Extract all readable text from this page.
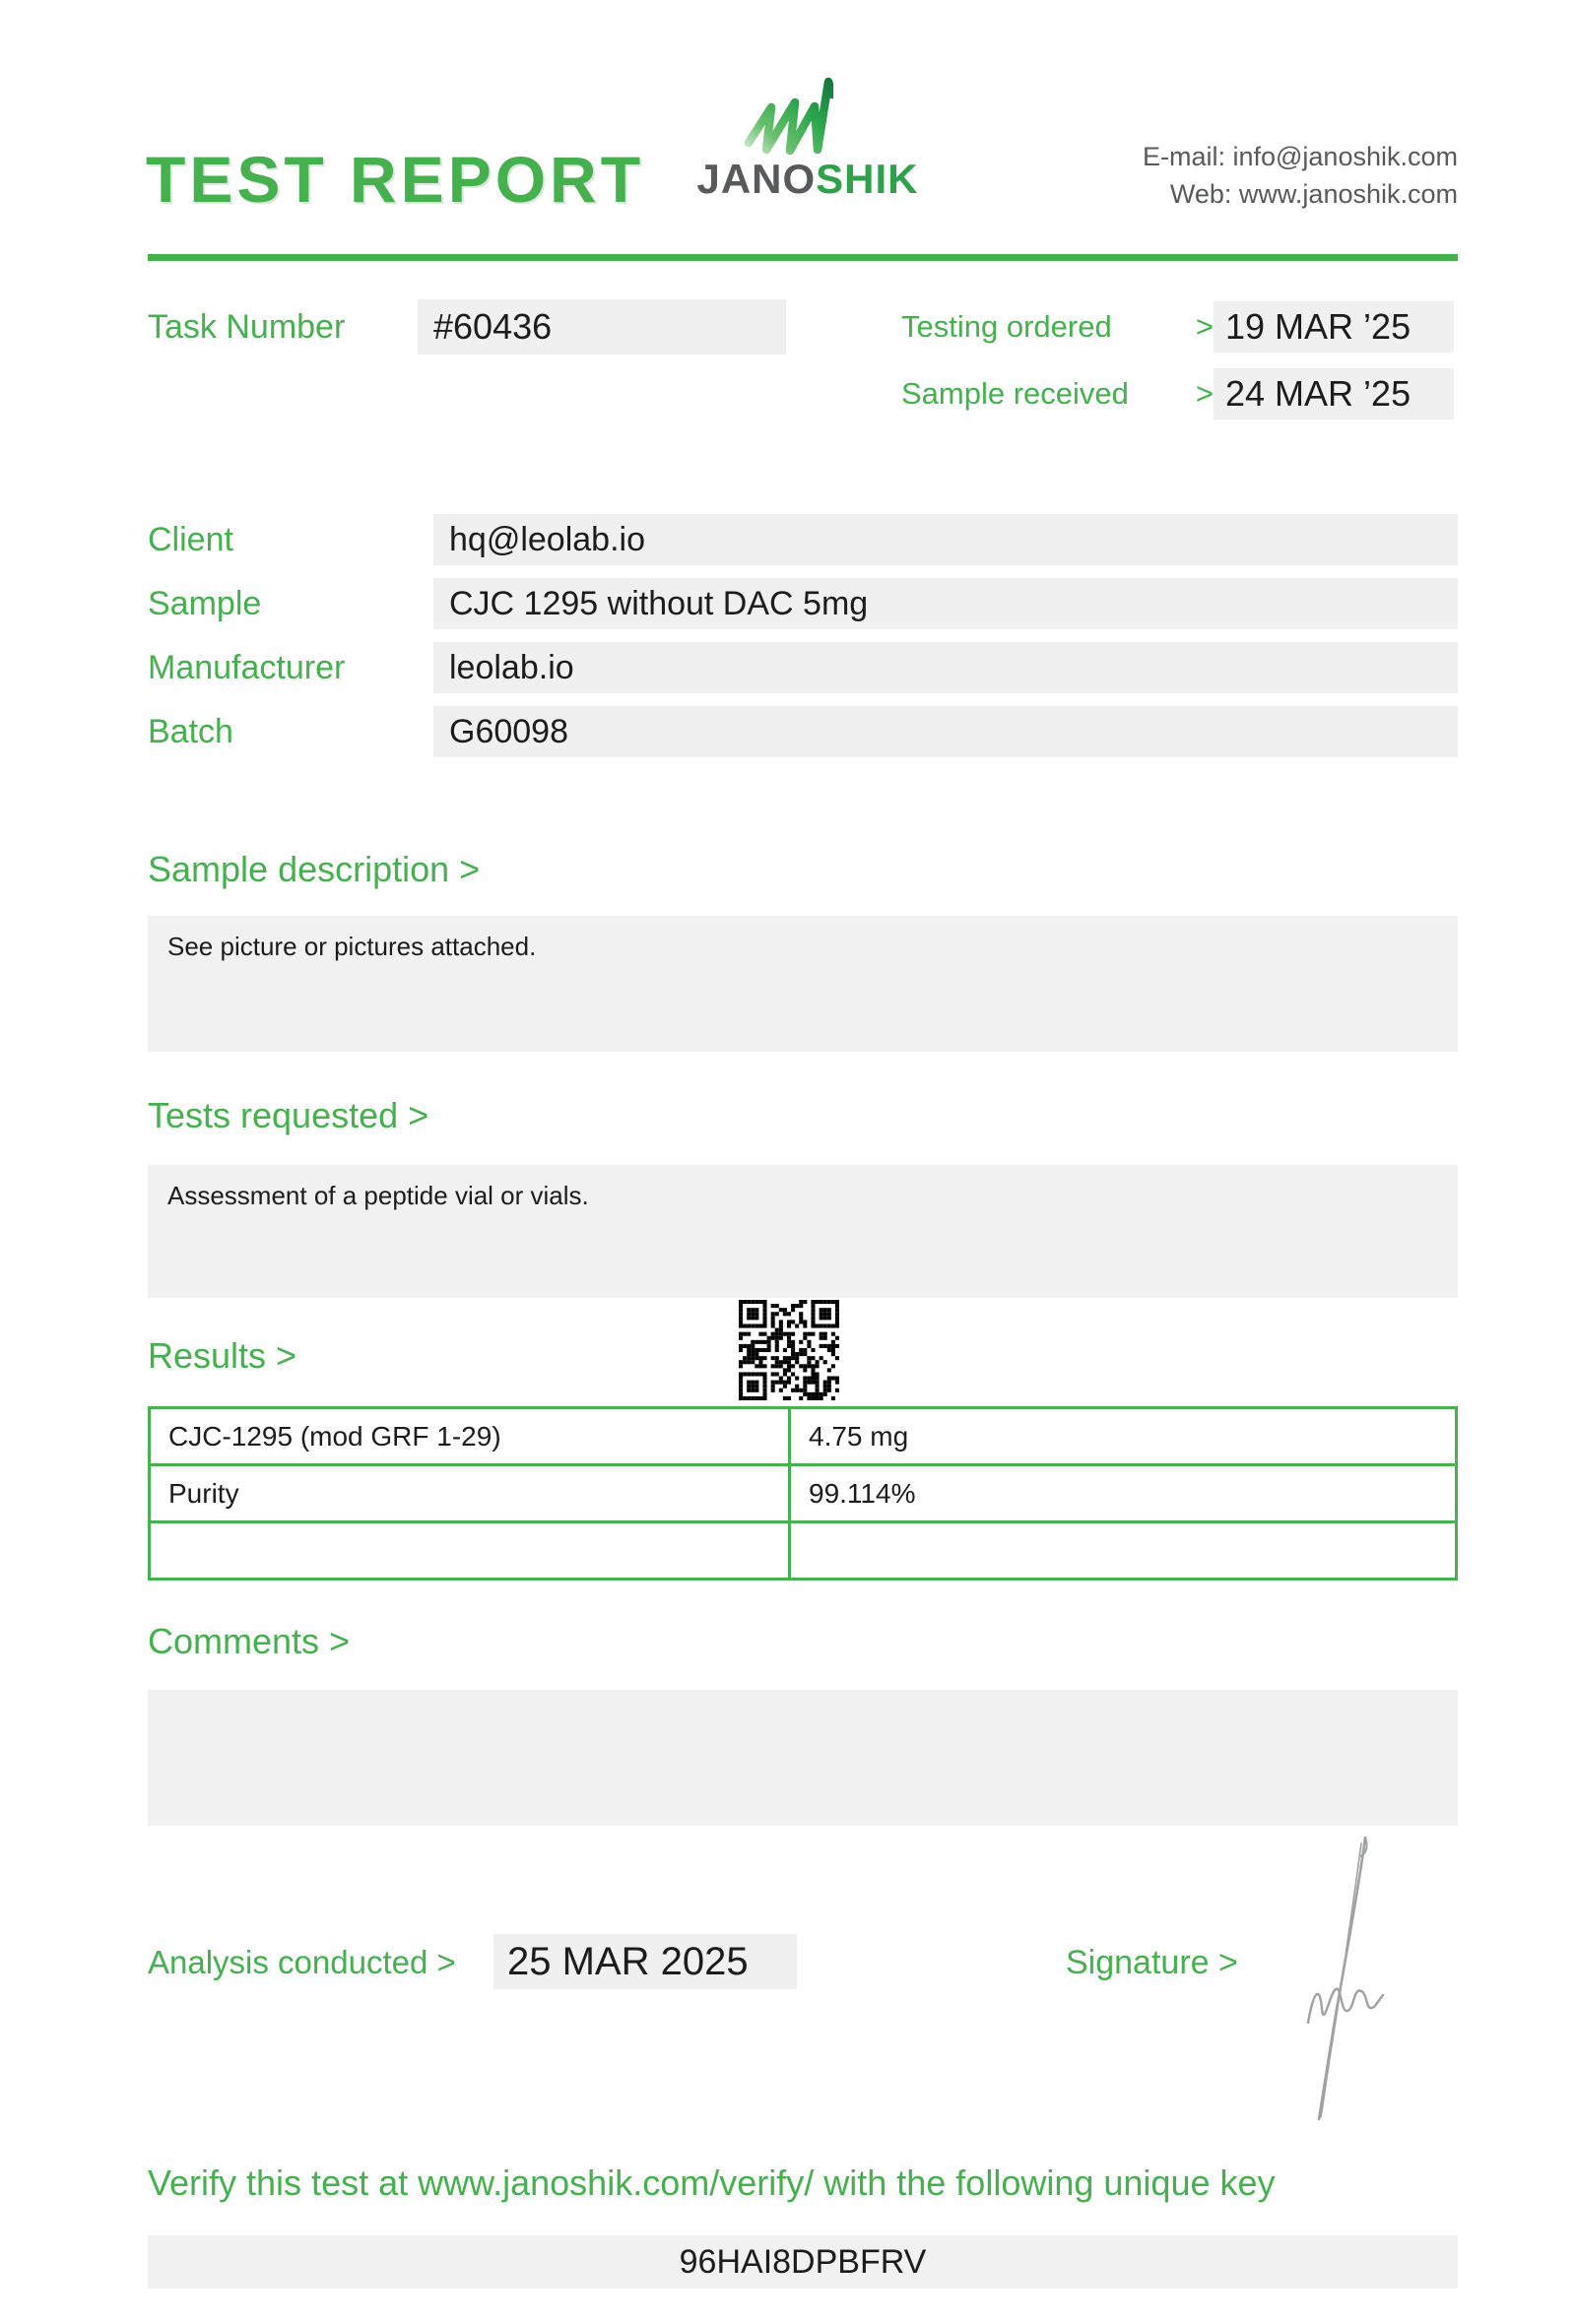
TEST REPORT	JANOSHIK	E-mail: info@janoshik.com
Web: www.janoshik.com
Task Number	#60436	Testing ordered	> 19 MAR ’25
Sample received > 24 MAR ’25
Client	hq@leolab.io
Sample	CJC 1295 without DAC 5mg
Manufacturer	leolab.io
Batch	G60098
Sample description >
See picture or pictures attached.
Tests requested >
Assessment of a peptide vial or vials.
Results >
CJC-1295 (mod GRF 1-29)	4.75 mg
Purity	99.114%
Comments >
Analysis conducted >	25 MAR 2025	Signature >
Verify this test at www.janoshik.com/verify/ with the following unique key
96HAI8DPBFRV
